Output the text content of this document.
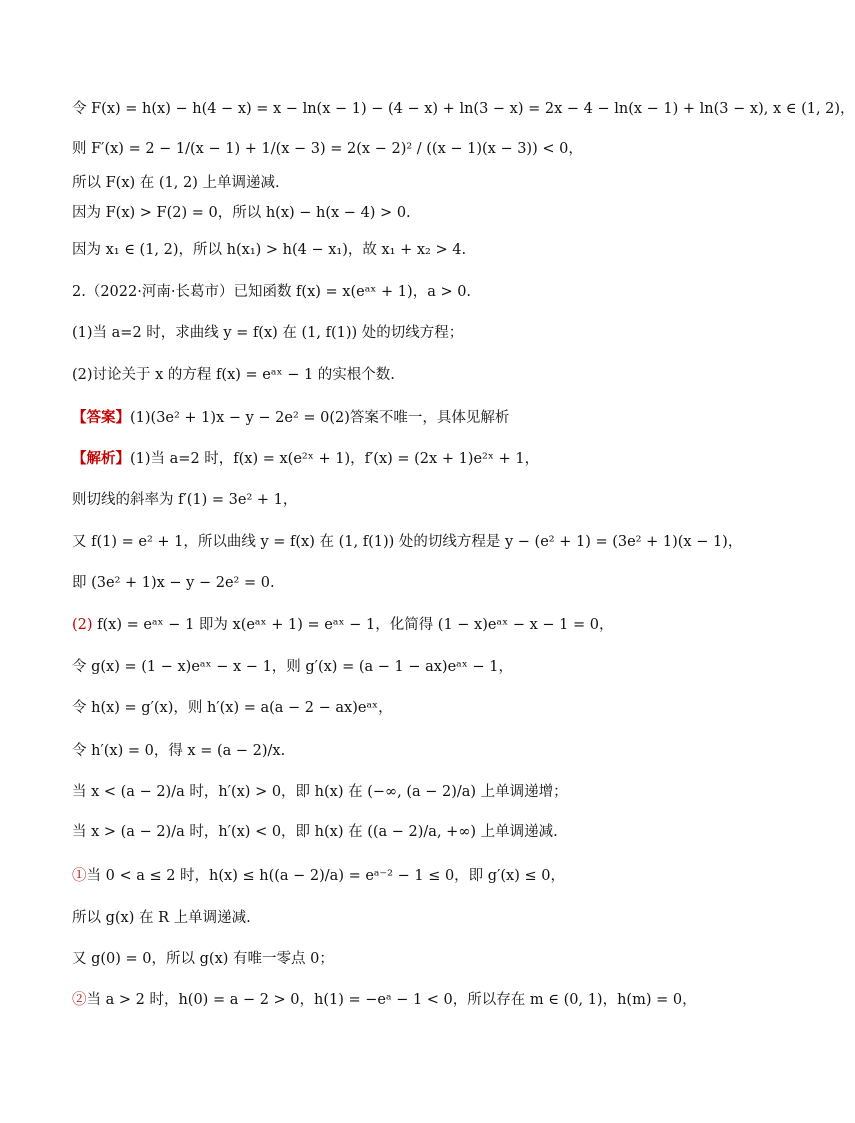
令 F(x) = h(x) − h(4 − x) = x − ln(x − 1) − (4 − x) + ln(3 − x) = 2x − 4 − ln(x − 1) + ln(3 − x), x ∈ (1, 2)，
则 F′(x) = 2 − 1/(x − 1) + 1/(x − 3) = 2(x − 2)² / ((x − 1)(x − 3)) < 0，
所以 F(x) 在 (1, 2) 上单调递减.
因为 F(x) > F(2) = 0，所以 h(x) − h(x − 4) > 0.
因为 x₁ ∈ (1, 2)，所以 h(x₁) > h(4 − x₁)，故 x₁ + x₂ > 4.
2.（2022·河南·长葛市）已知函数 f(x) = x(eᵃˣ + 1)，a > 0.
(1)当 a=2 时，求曲线 y = f(x) 在 (1, f(1)) 处的切线方程；
(2)讨论关于 x 的方程 f(x) = eᵃˣ − 1 的实根个数.
【答案】(1)(3e² + 1)x − y − 2e² = 0(2)答案不唯一，具体见解析
【解析】(1)当 a=2 时，f(x) = x(e²ˣ + 1)，f′(x) = (2x + 1)e²ˣ + 1，
则切线的斜率为 f′(1) = 3e² + 1，
又 f(1) = e² + 1，所以曲线 y = f(x) 在 (1, f(1)) 处的切线方程是 y − (e² + 1) = (3e² + 1)(x − 1)，
即 (3e² + 1)x − y − 2e² = 0.
(2) f(x) = eᵃˣ − 1 即为 x(eᵃˣ + 1) = eᵃˣ − 1，化简得 (1 − x)eᵃˣ − x − 1 = 0，
令 g(x) = (1 − x)eᵃˣ − x − 1，则 g′(x) = (a − 1 − ax)eᵃˣ − 1，
令 h(x) = g′(x)，则 h′(x) = a(a − 2 − ax)eᵃˣ，
令 h′(x) = 0，得 x = (a − 2)/x.
当 x < (a − 2)/a 时，h′(x) > 0，即 h(x) 在 (−∞, (a − 2)/a) 上单调递增；
当 x > (a − 2)/a 时，h′(x) < 0，即 h(x) 在 ((a − 2)/a, +∞) 上单调递减.
①当 0 < a ≤ 2 时，h(x) ≤ h((a − 2)/a) = eᵃ⁻² − 1 ≤ 0，即 g′(x) ≤ 0，
所以 g(x) 在 R 上单调递减.
又 g(0) = 0，所以 g(x) 有唯一零点 0；
②当 a > 2 时，h(0) = a − 2 > 0，h(1) = −eᵃ − 1 < 0，所以存在 m ∈ (0, 1)，h(m) = 0，
